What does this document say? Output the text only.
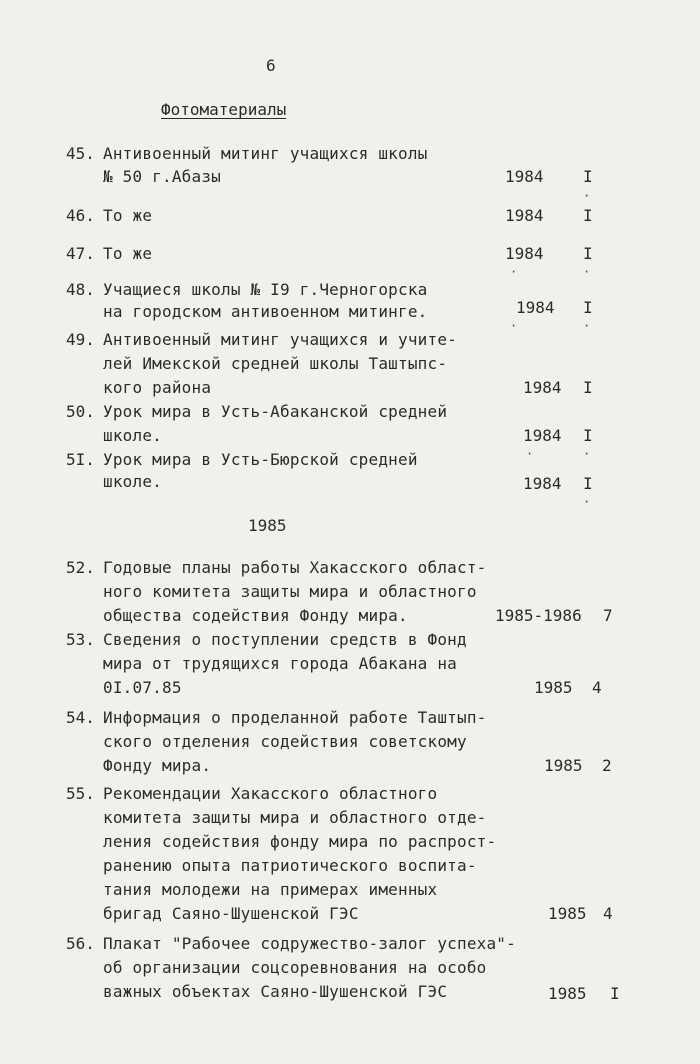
6
Фотоматериалы
45. Антивоенный митинг учащихся школы
№ 50 г.Абазы	1984 I
·
46. То же	1984 I
47. То же	1984 I
·	·
48. Учащиеся школы № I9 г.Черногорска
на городском антивоенном митинге.	1984 I
·	·
49. Антивоенный митинг учащихся и учите-
лей Имекской средней школы Таштыпс-
кого района	1984 I
50. Урок мира в Усть-Абаканской средней
школе.	1984 I
·	·
5I. Урок мира в Усть-Бюрской средней
школе.	1984 I
·
1985
52. Годовые планы работы Хакасского област-
ного комитета защиты мира и областного
общества содействия Фонду мира.	1985-1986 7
53. Сведения о поступлении средств в Фонд
мира от трудящихся города Абакана на
0I.07.85	1985 4
54. Информация о проделанной работе Таштып-
ского отделения содействия советскому
Фонду мира.	1985 2
55. Рекомендации Хакасского областного
комитета защиты мира и областного отде-
ления содействия фонду мира по распрост-
ранению опыта патриотического воспита-
тания молодежи на примерах именных
бригад Саяно-Шушенской ГЭС	1985 4
56. Плакат "Рабочее содружество-залог успеха"-
об организации соцсоревнования на особо
важных объектах Саяно-Шушенской ГЭС	1985 I
